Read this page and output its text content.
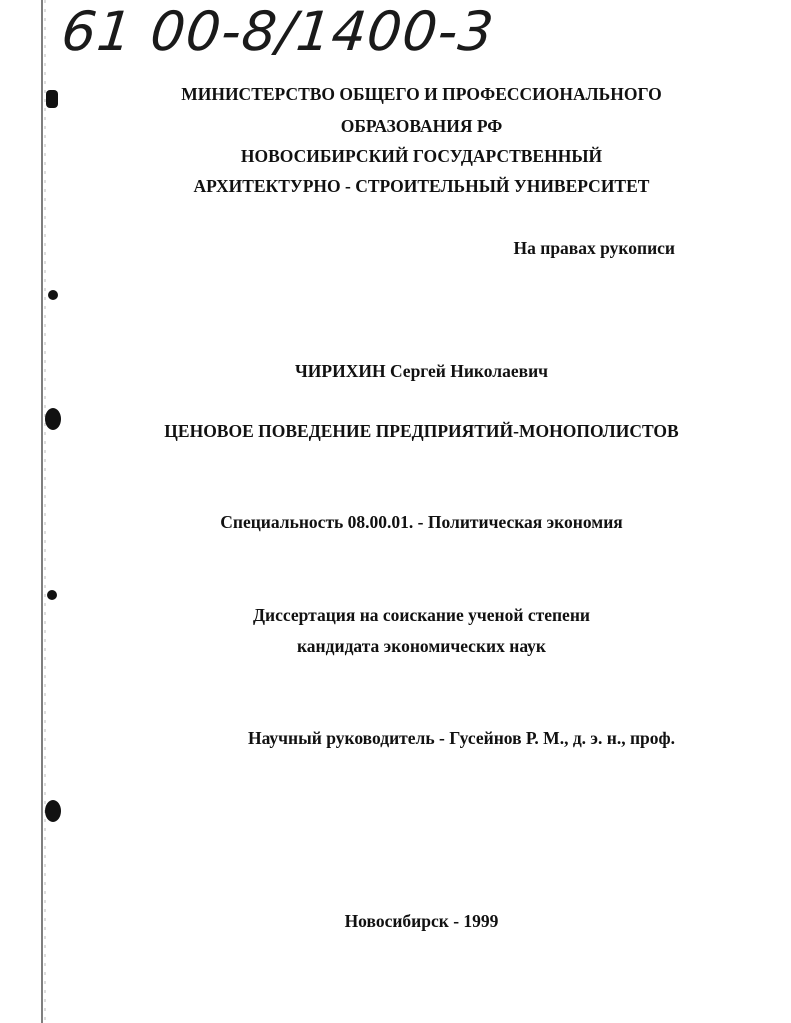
61 00-8/1400-3
МИНИСТЕРСТВО ОБЩЕГО И ПРОФЕССИОНАЛЬНОГО
ОБРАЗОВАНИЯ РФ
НОВОСИБИРСКИЙ ГОСУДАРСТВЕННЫЙ
АРХИТЕКТУРНО - СТРОИТЕЛЬНЫЙ УНИВЕРСИТЕТ
На правах рукописи
ЧИРИХИН Сергей Николаевич
ЦЕНОВОЕ ПОВЕДЕНИЕ ПРЕДПРИЯТИЙ-МОНОПОЛИСТОВ
Специальность 08.00.01. - Политическая экономия
Диссертация на соискание ученой степени
кандидата экономических наук
Научный руководитель - Гусейнов Р. М., д. э. н., проф.
Новосибирск - 1999
